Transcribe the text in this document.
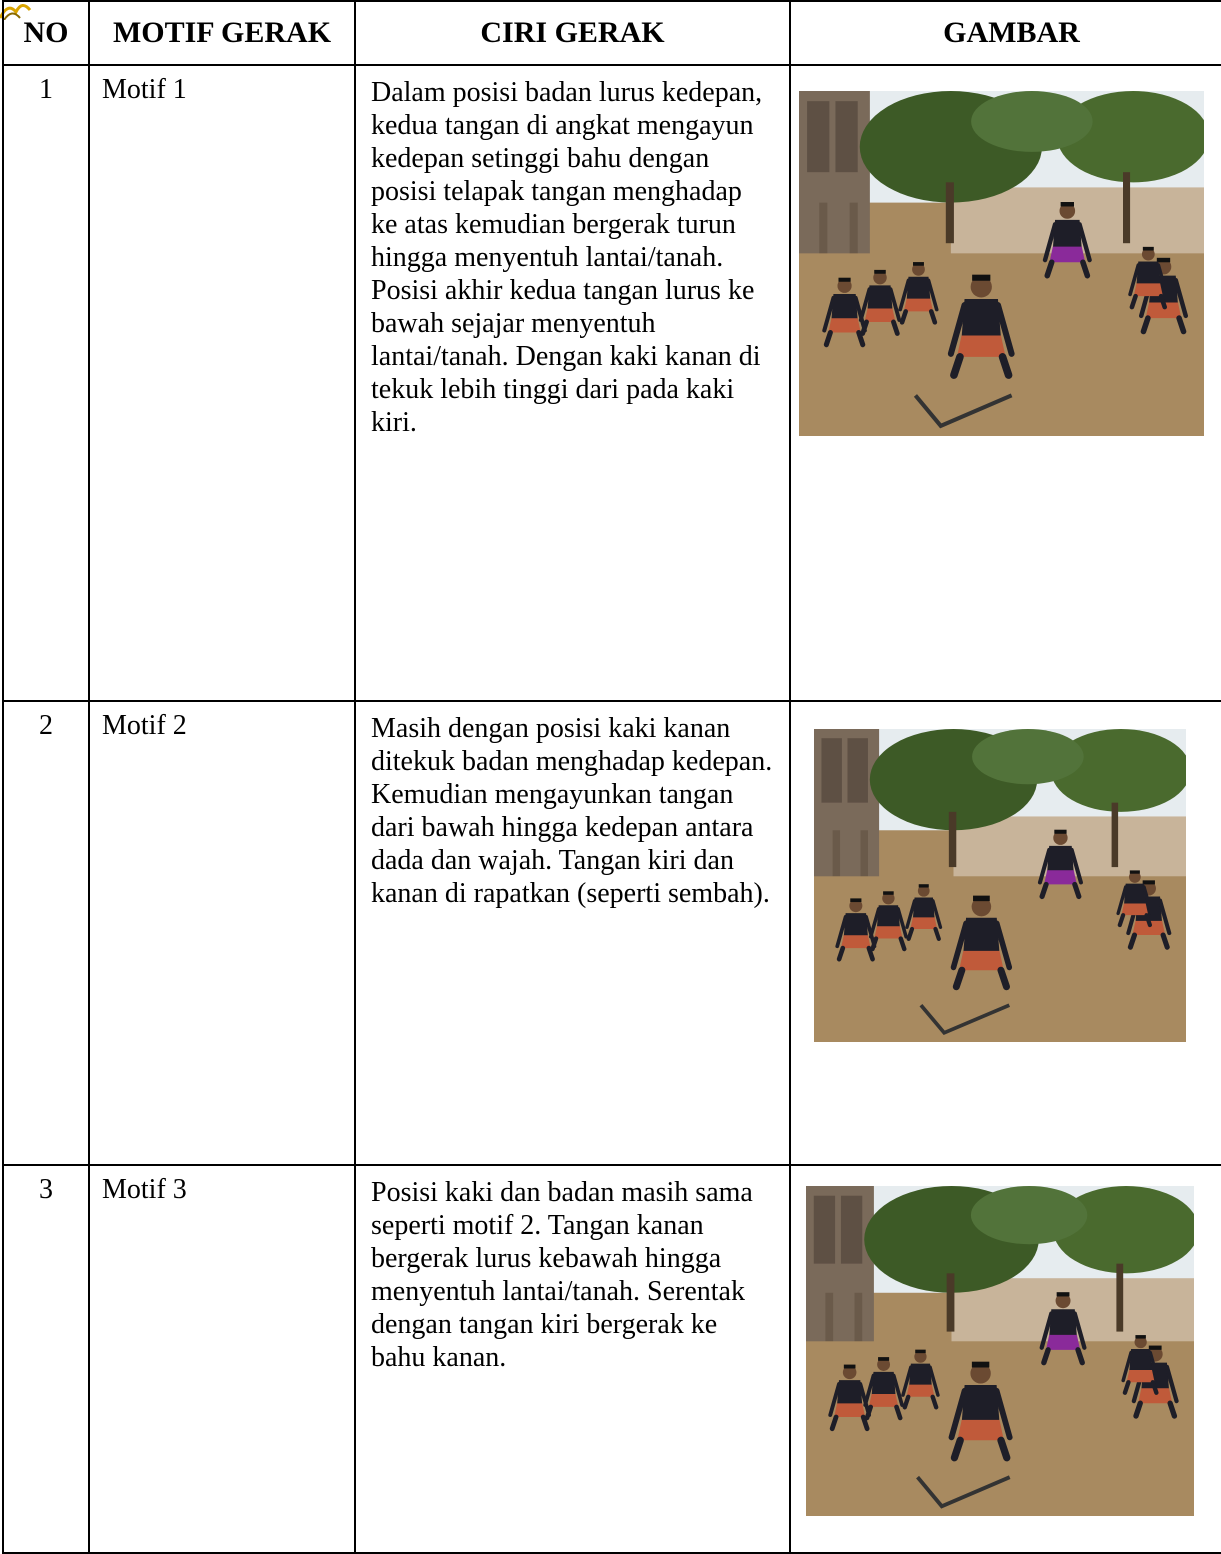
NO	MOTIF GERAK	CIRI GERAK	GAMBAR
1	Motif 1	Dalam posisi badan lurus kedepan, kedua tangan di angkat mengayun kedepan setinggi bahu dengan posisi telapak tangan menghadap ke atas kemudian bergerak turun hingga menyentuh lantai/tanah. Posisi akhir kedua tangan lurus ke bawah sejajar menyentuh lantai/tanah. Dengan kaki kanan di tekuk lebih tinggi dari pada kaki kiri.	

2	Motif 2	Masih dengan posisi kaki kanan ditekuk badan menghadap kedepan. Kemudian mengayunkan tangan dari bawah hingga kedepan antara dada dan wajah. Tangan kiri dan kanan di rapatkan (seperti sembah).	

3	Motif 3	Posisi kaki dan badan masih sama seperti motif 2. Tangan kanan bergerak lurus kebawah hingga menyentuh lantai/tanah. Serentak dengan tangan kiri bergerak ke bahu kanan.	
